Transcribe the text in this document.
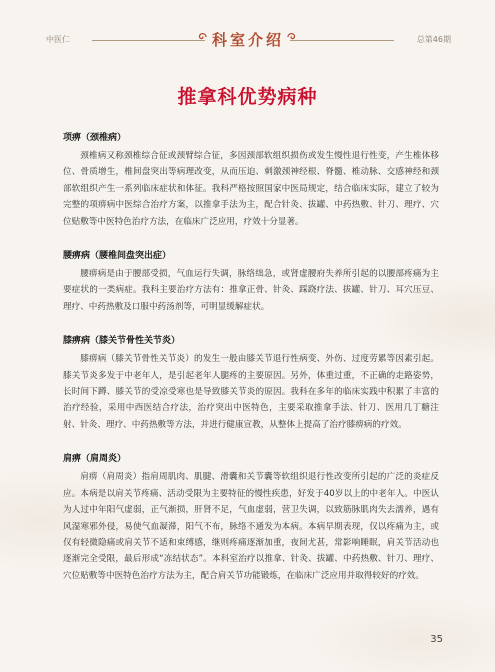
中医仁	科室介绍	总第46期
推拿科优势病种
项痹（颈椎病）
颈椎病又称颈椎综合征或颈臂综合征，多因颈部软组织损伤或发生慢性退行性变，产生椎体移位、骨质增生，椎间盘突出等病理改变，从而压迫、刺激颈神经根、脊髓、椎动脉、交感神经和颈部软组织产生一系列临床症状和体征。我科严格按照国家中医局规定，结合临床实际，建立了较为完整的项痹病中医综合治疗方案，以推拿手法为主，配合针灸、拔罐、中药热敷、针刀、理疗、穴位贴敷等中医特色治疗方法，在临床广泛应用，疗效十分显著。
腰痹病（腰椎间盘突出症）
腰痹病是由于腰部受损，气血运行失调，脉络绌急，或肾虚腰府失养所引起的以腰部疼痛为主要症状的一类病症。我科主要治疗方法有：推拿正骨、针灸、踩跷疗法、拔罐、针刀、耳穴压豆、理疗、中药热敷及口服中药汤剂等，可明显缓解症状。
膝痹病（膝关节骨性关节炎）
膝痹病（膝关节骨性关节炎）的发生一般由膝关节退行性病变、外伤、过度劳累等因素引起。膝关节炎多发于中老年人，是引起老年人腿疼的主要原因。另外，体重过重，不正确的走路姿势，长时间下蹲、膝关节的受凉受寒也是导致膝关节炎的原因。我科在多年的临床实践中积累了丰富的治疗经验，采用中西医结合疗法，治疗突出中医特色，主要采取推拿手法、针刀、医用几丁糖注射、针灸、理疗、中药热敷等方法，并进行健康宣教，从整体上提高了治疗膝痹病的疗效。
肩痹（肩周炎）
肩痹（肩周炎）指肩周肌肉、肌腱、滑囊和关节囊等软组织退行性改变所引起的广泛的炎症反应。本病是以肩关节疼痛、活动受限为主要特征的慢性疾患，好发于40岁以上的中老年人。中医认为人过中年阳气虚弱，正气渐损，肝肾不足，气血虚弱，营卫失调，以致筋脉肌肉失去濡养，遇有风湿寒邪外侵，易使气血凝滞，阳气不布，脉络不通发为本病。本病早期表现，仅以疼痛为主，或仅有轻微隐痛或肩关节不适和束缚感，继则疼痛逐渐加重，夜间尤甚，常影响睡眠，肩关节活动也逐渐完全受限，最后形成“冻结状态”。本科室治疗以推拿、针灸、拔罐、中药热敷、针刀、理疗、穴位贴敷等中医特色治疗方法为主，配合肩关节功能锻炼，在临床广泛应用并取得较好的疗效。
35
